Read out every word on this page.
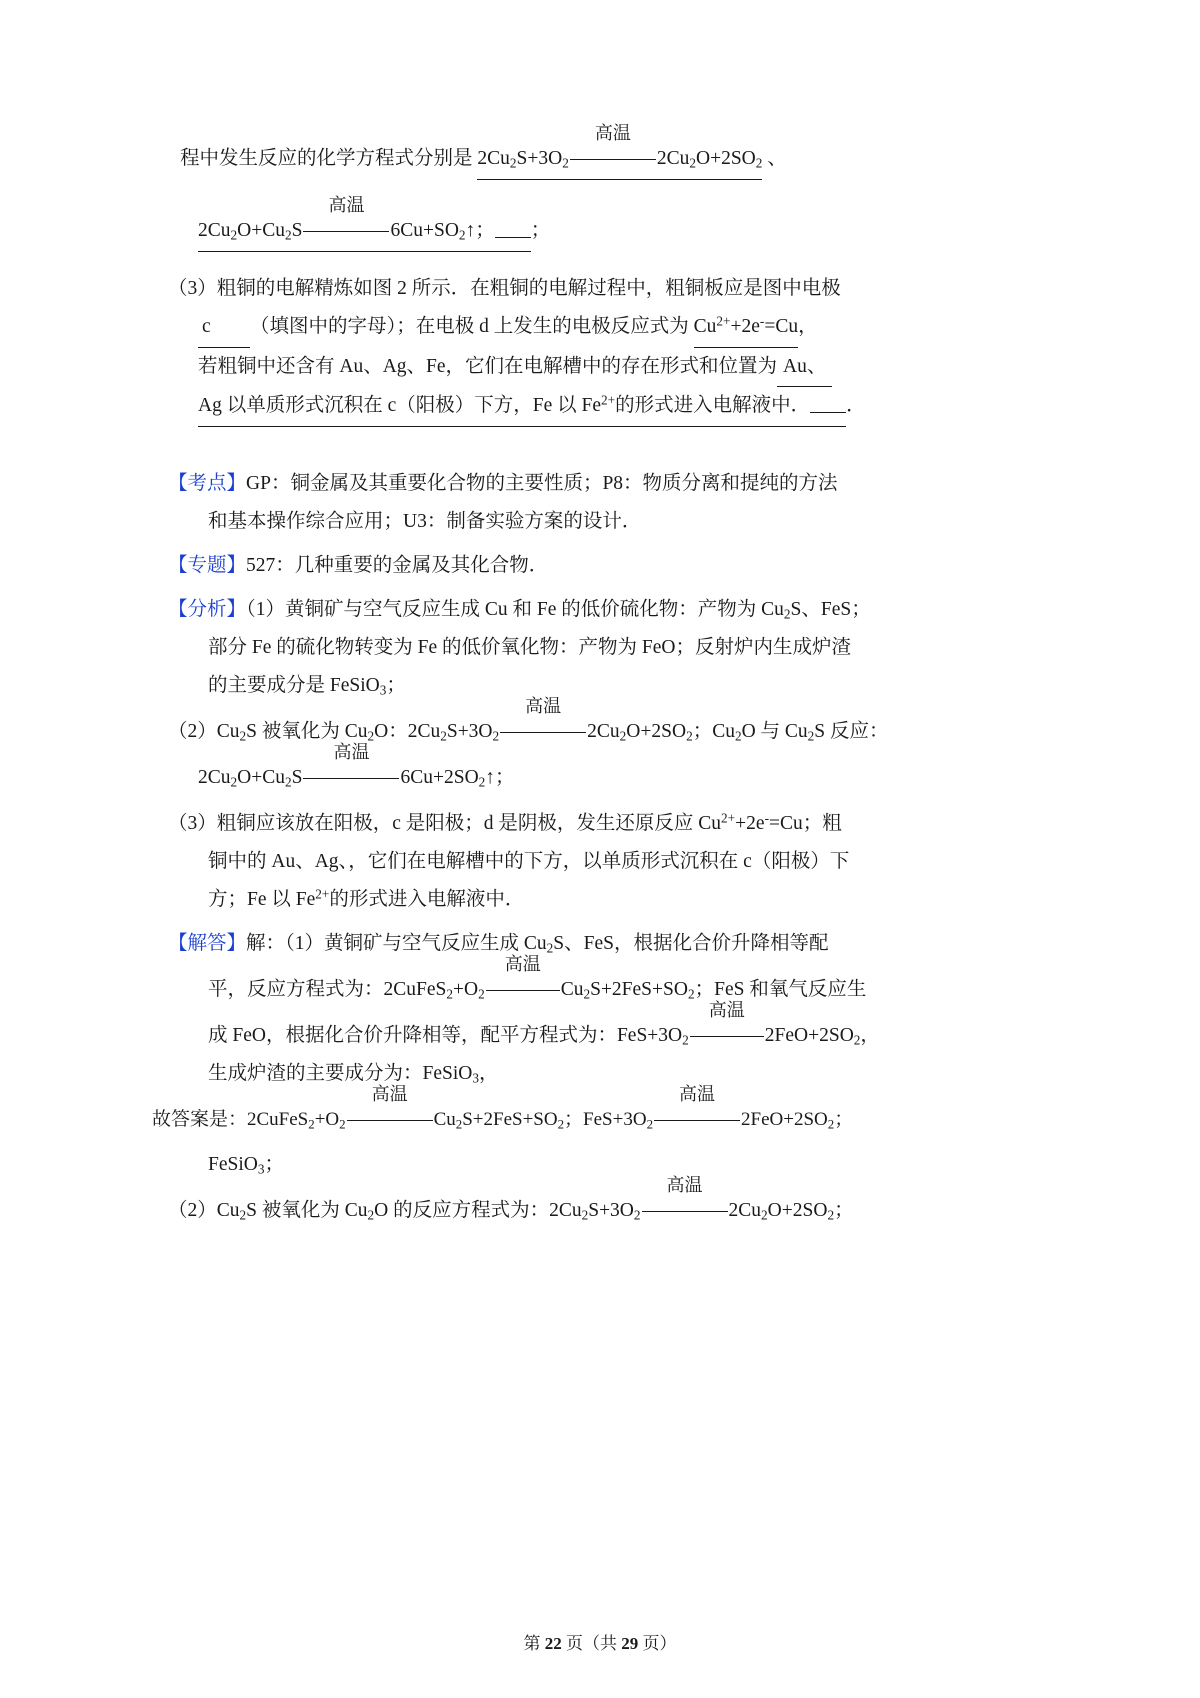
程中发生反应的化学方程式分别是 $2Cu_2S+3O_2$
高温
$2Cu_2O+2SO_2$ 、
$2Cu_2O+Cu_2S$
高温
$6Cu+SO_2↑$； ；
（3）粗铜的电解精炼如图 2 所示．在粗铜的电解过程中，粗铜板应是图中电极
c （填图中的字母）；在电极 d 上发生的电极反应式为 $Cu^{2+}+2e^-=Cu$，
若粗铜中还含有 Au、Ag、Fe，它们在电解槽中的存在形式和位置为 Au、
Ag 以单质形式沉积在 c（阳极）下方，Fe 以 $Fe^{2+}$的形式进入电解液中． ．
【考点】GP：铜金属及其重要化合物的主要性质；P8：物质分离和提纯的方法
和基本操作综合应用；U3：制备实验方案的设计．
【专题】527：几种重要的金属及其化合物．
【分析】（1）黄铜矿与空气反应生成 Cu 和 Fe 的低价硫化物：产物为 $Cu_2S$、FeS；
部分 Fe 的硫化物转变为 Fe 的低价氧化物：产物为 FeO；反射炉内生成炉渣
的主要成分是 FeSiO$_3$；
$(2)Cu_2S$ 被氧化为 $Cu_2O$：$2Cu_2S+3O_2$
高温
$2Cu_2O+2SO_2$；$Cu_2O$ 与 $Cu_2S$ 反应：
$2Cu_2O+Cu_2S$
高温
$6Cu+2SO_2↑$；
（3）粗铜应该放在阳极，c 是阳极；d 是阴极，发生还原反应 $Cu^{2+}+2e^-=Cu$；粗
铜中的 Au、Ag、，它们在电解槽中的下方，以单质形式沉积在 c（阳极）下
方；Fe 以 $Fe^{2+}$的形式进入电解液中．
【解答】解：（1）黄铜矿与空气反应生成 $Cu_2S$、FeS，根据化合价升降相等配
平，反应方程式为：$2CuFeS_2+O_2$
高温
$Cu_2S+2FeS+SO_2$；FeS 和氧气反应生
成 FeO，根据化合价升降相等，配平方程式为：$FeS+3O_2$
高温
$2FeO+2SO_2$，
生成炉渣的主要成分为：FeSiO$_3$，
故答案是：$2CuFeS_2+O_2$
高温
$Cu_2S+2FeS+SO_2$；$FeS+3O_2$
高温
$2FeO+2SO_2$；
FeSiO$_3$；
$(2)Cu_2S$ 被氧化为 $Cu_2O$ 的反应方程式为：$2Cu_2S+3O_2$
高温
$2Cu_2O+2SO_2$；
第 22 页（共 29 页）
